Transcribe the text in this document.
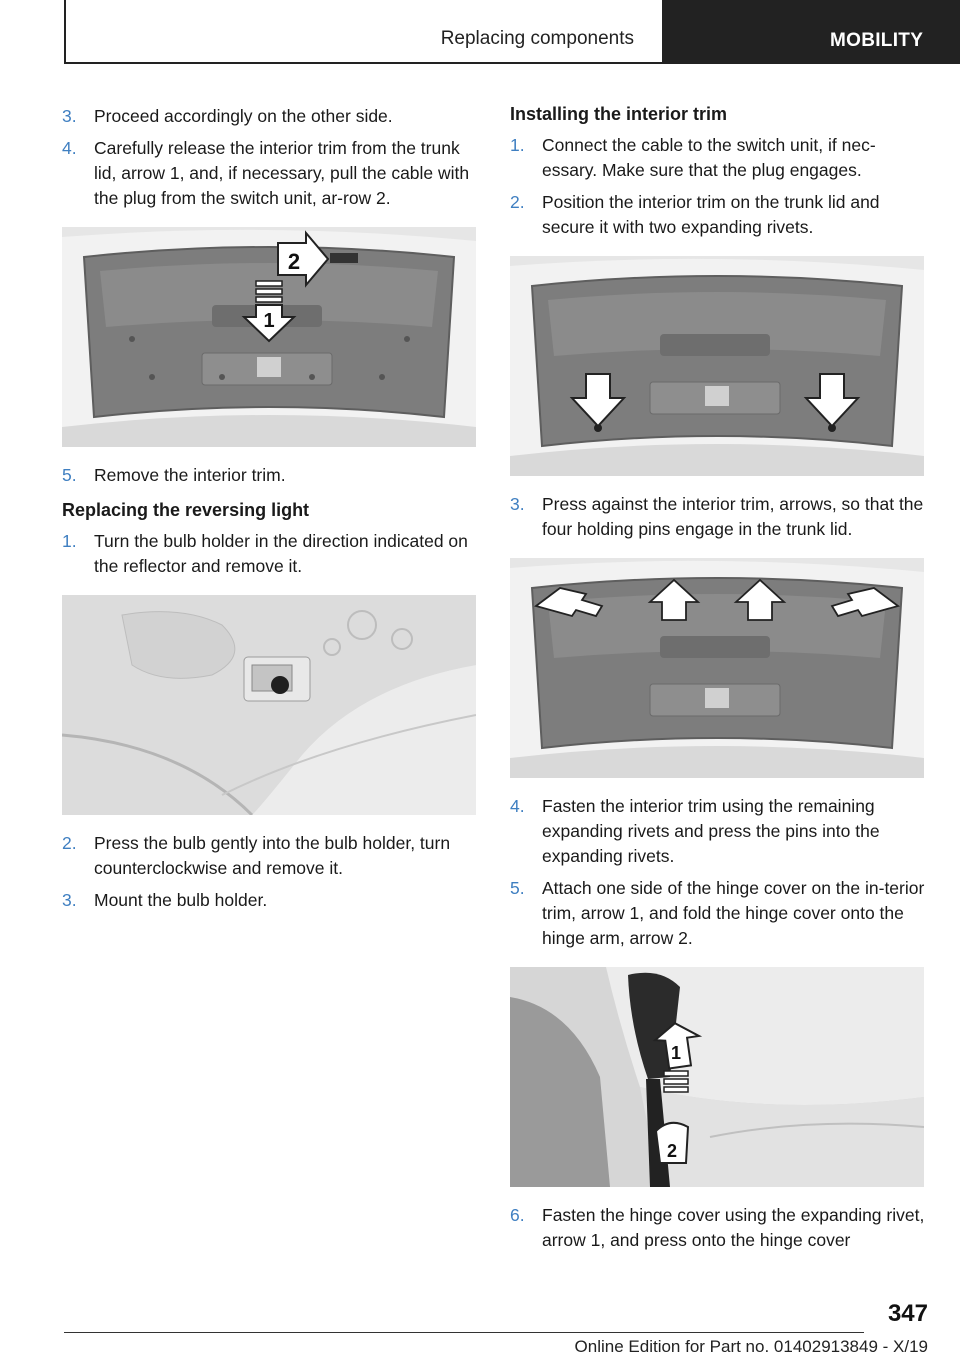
Replacing components	MOBILITY
3. Proceed accordingly on the other side.
4. Carefully release the interior trim from the trunk lid, arrow 1, and, if necessary, pull the cable with the plug from the switch unit, ar‐row 2.
2
1
5. Remove the interior trim.
Replacing the reversing light
1. Turn the bulb holder in the direction indicated on the reflector and remove it.
2. Press the bulb gently into the bulb holder, turn counterclockwise and remove it.
3. Mount the bulb holder.
Installing the interior trim
1. Connect the cable to the switch unit, if nec‐essary. Make sure that the plug engages.
2. Position the interior trim on the trunk lid and secure it with two expanding rivets.
3. Press against the interior trim, arrows, so that the four holding pins engage in the trunk lid.
4. Fasten the interior trim using the remaining expanding rivets and press the pins into the expanding rivets.
5. Attach one side of the hinge cover on the in‐terior trim, arrow 1, and fold the hinge cover onto the hinge arm, arrow 2.
1
2
6. Fasten the hinge cover using the expanding rivet, arrow 1, and press onto the hinge cover
347
Online Edition for Part no. 01402913849 - X/19
